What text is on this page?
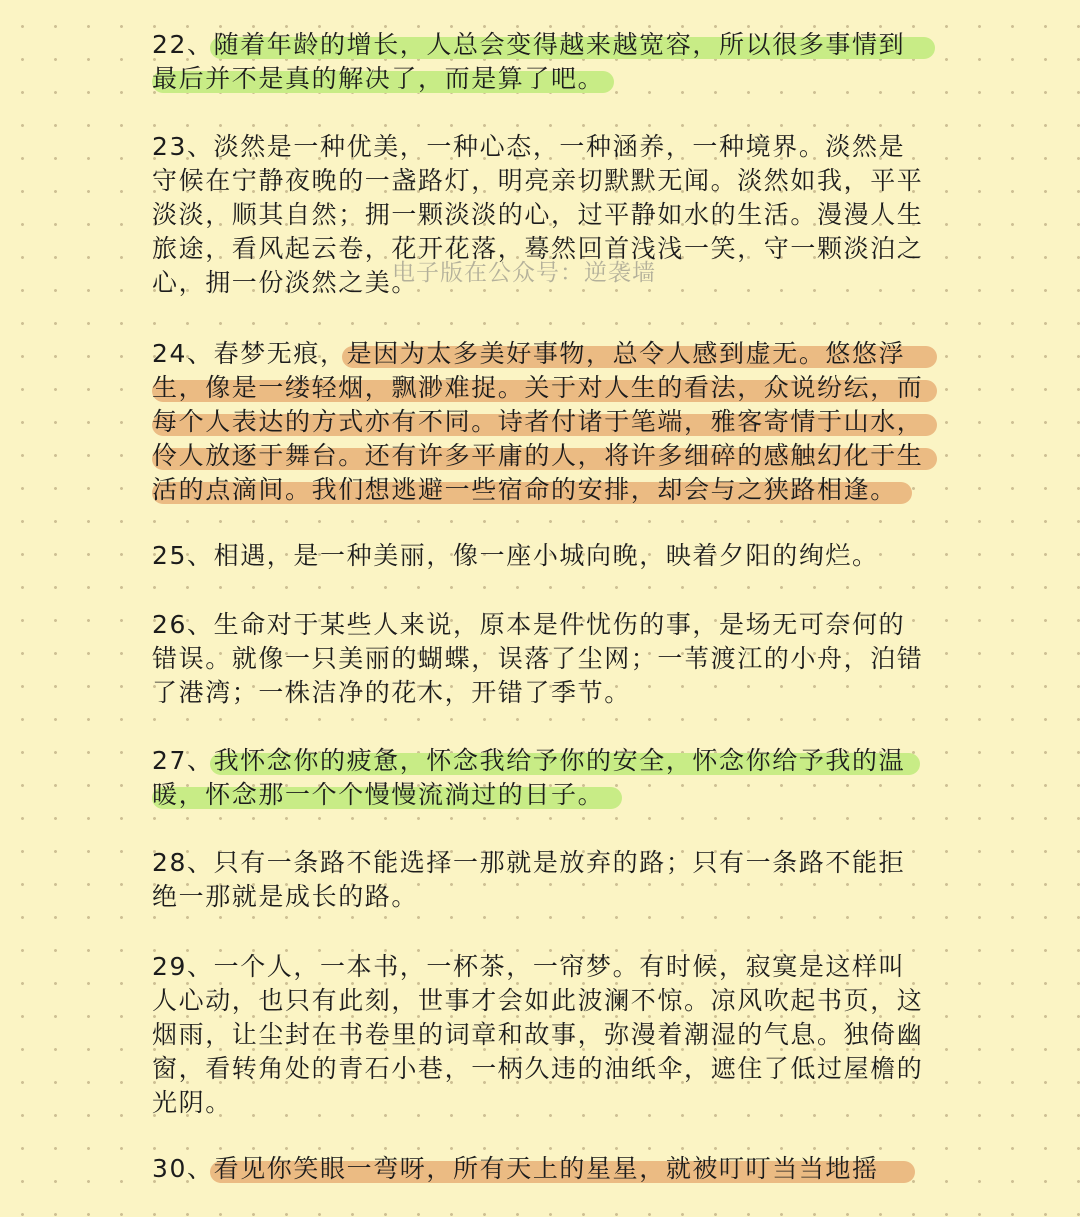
电子版在公众号：逆袭墙
22、随着年龄的增长，人总会变得越来越宽容，所以很多事情到
最后并不是真的解决了，而是算了吧。
23、淡然是一种优美，一种心态，一种涵养，一种境界。淡然是
守候在宁静夜晚的一盏路灯，明亮亲切默默无闻。淡然如我，平平
淡淡，顺其自然；拥一颗淡淡的心，过平静如水的生活。漫漫人生
旅途，看风起云卷，花开花落，蓦然回首浅浅一笑，守一颗淡泊之
心，拥一份淡然之美。
24、春梦无痕，是因为太多美好事物，总令人感到虚无。悠悠浮
生，像是一缕轻烟，飘渺难捉。关于对人生的看法，众说纷纭，而
每个人表达的方式亦有不同。诗者付诸于笔端，雅客寄情于山水，
伶人放逐于舞台。还有许多平庸的人，将许多细碎的感触幻化于生
活的点滴间。我们想逃避一些宿命的安排，却会与之狭路相逢。
25、相遇，是一种美丽，像一座小城向晚，映着夕阳的绚烂。
26、生命对于某些人来说，原本是件忧伤的事，是场无可奈何的
错误。就像一只美丽的蝴蝶，误落了尘网；一苇渡江的小舟，泊错
了港湾；一株洁净的花木，开错了季节。
27、我怀念你的疲惫，怀念我给予你的安全，怀念你给予我的温
暖，怀念那一个个慢慢流淌过的日子。
28、只有一条路不能选择一那就是放弃的路；只有一条路不能拒
绝一那就是成长的路。
29、一个人，一本书，一杯茶，一帘梦。有时候，寂寞是这样叫
人心动，也只有此刻，世事才会如此波澜不惊。凉风吹起书页，这
烟雨，让尘封在书卷里的词章和故事，弥漫着潮湿的气息。独倚幽
窗，看转角处的青石小巷，一柄久违的油纸伞，遮住了低过屋檐的
光阴。
30、看见你笑眼一弯呀，所有天上的星星，就被叮叮当当地摇
